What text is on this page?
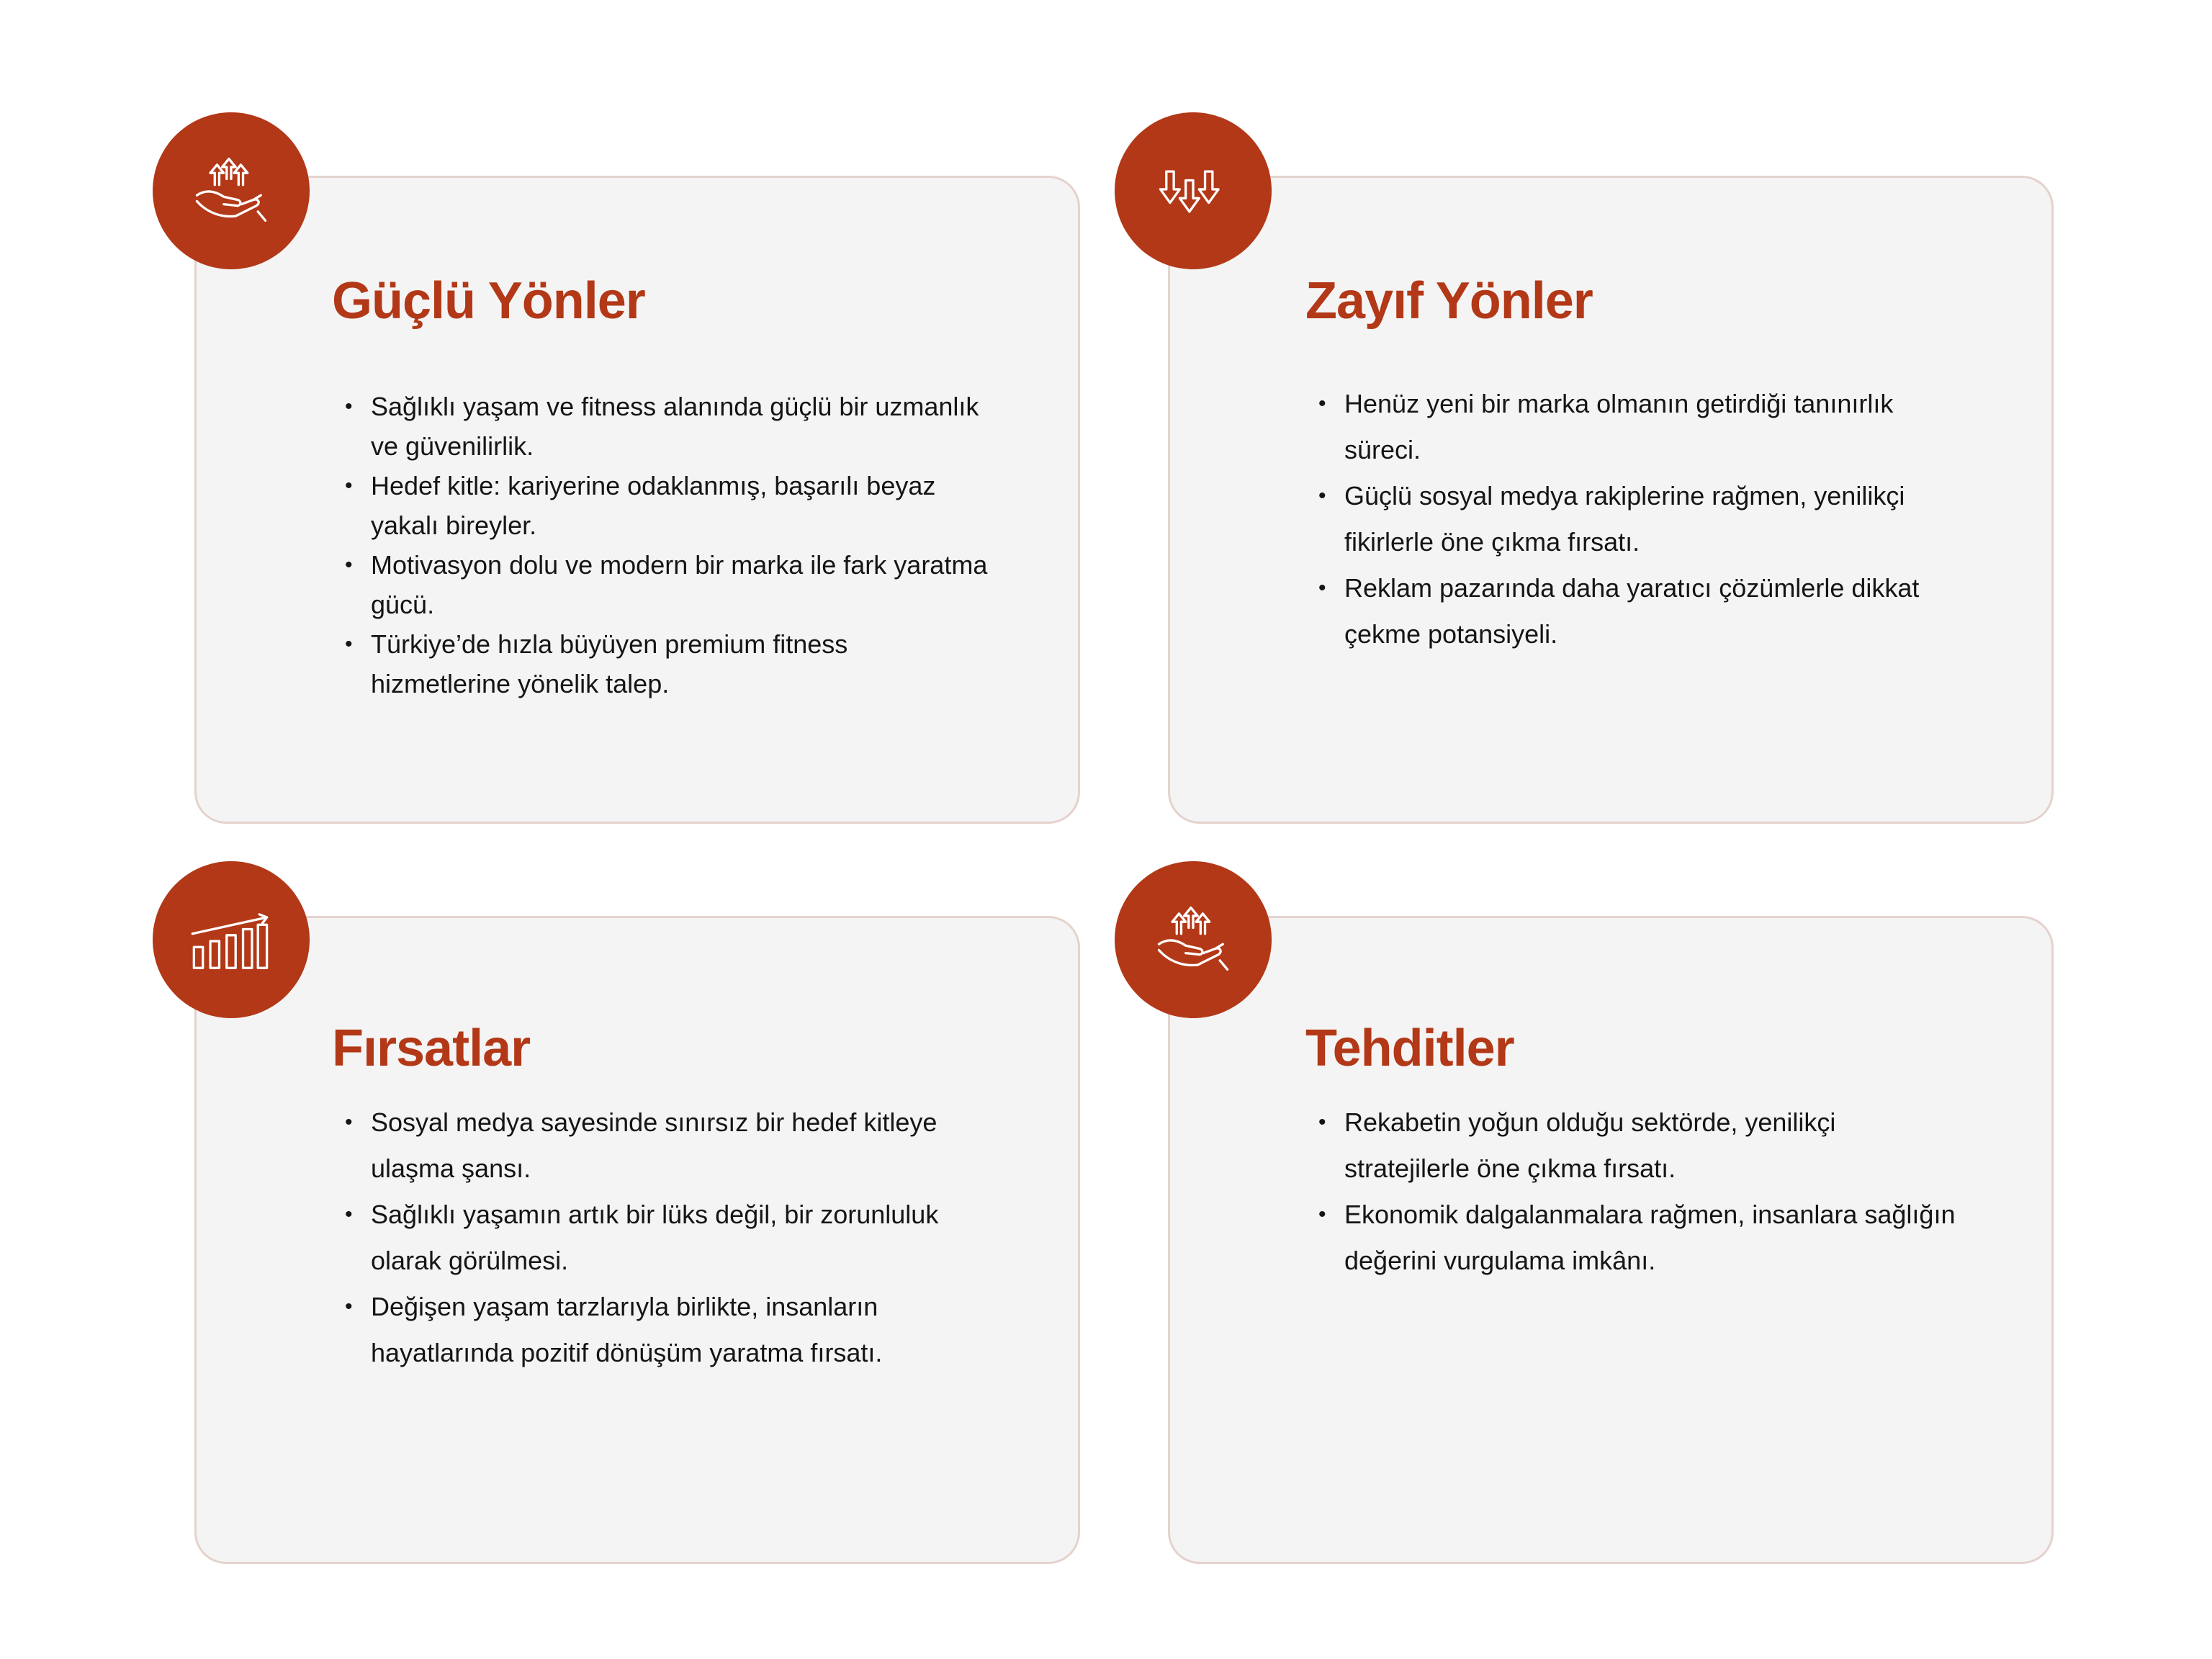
Güçlü Yönler
• Sağlıklı yaşam ve fitness alanında güçlü bir uzmanlık ve güvenilirlik.
• Hedef kitle: kariyerine odaklanmış, başarılı beyaz yakalı bireyler.
• Motivasyon dolu ve modern bir marka ile fark yaratma gücü.
• Türkiye’de hızla büyüyen premium fitness hizmetlerine yönelik talep.
Zayıf Yönler
• Henüz yeni bir marka olmanın getirdiği tanınırlık süreci.
• Güçlü sosyal medya rakiplerine rağmen, yenilikçi fikirlerle öne çıkma fırsatı.
• Reklam pazarında daha yaratıcı çözümlerle dikkat çekme potansiyeli.
Fırsatlar
• Sosyal medya sayesinde sınırsız bir hedef kitleye ulaşma şansı.
• Sağlıklı yaşamın artık bir lüks değil, bir zorunluluk olarak görülmesi.
• Değişen yaşam tarzlarıyla birlikte, insanların hayatlarında pozitif dönüşüm yaratma fırsatı.
Tehditler
• Rekabetin yoğun olduğu sektörde, yenilikçi stratejilerle öne çıkma fırsatı.
• Ekonomik dalgalanmalara rağmen, insanlara sağlığın değerini vurgulama imkânı.
